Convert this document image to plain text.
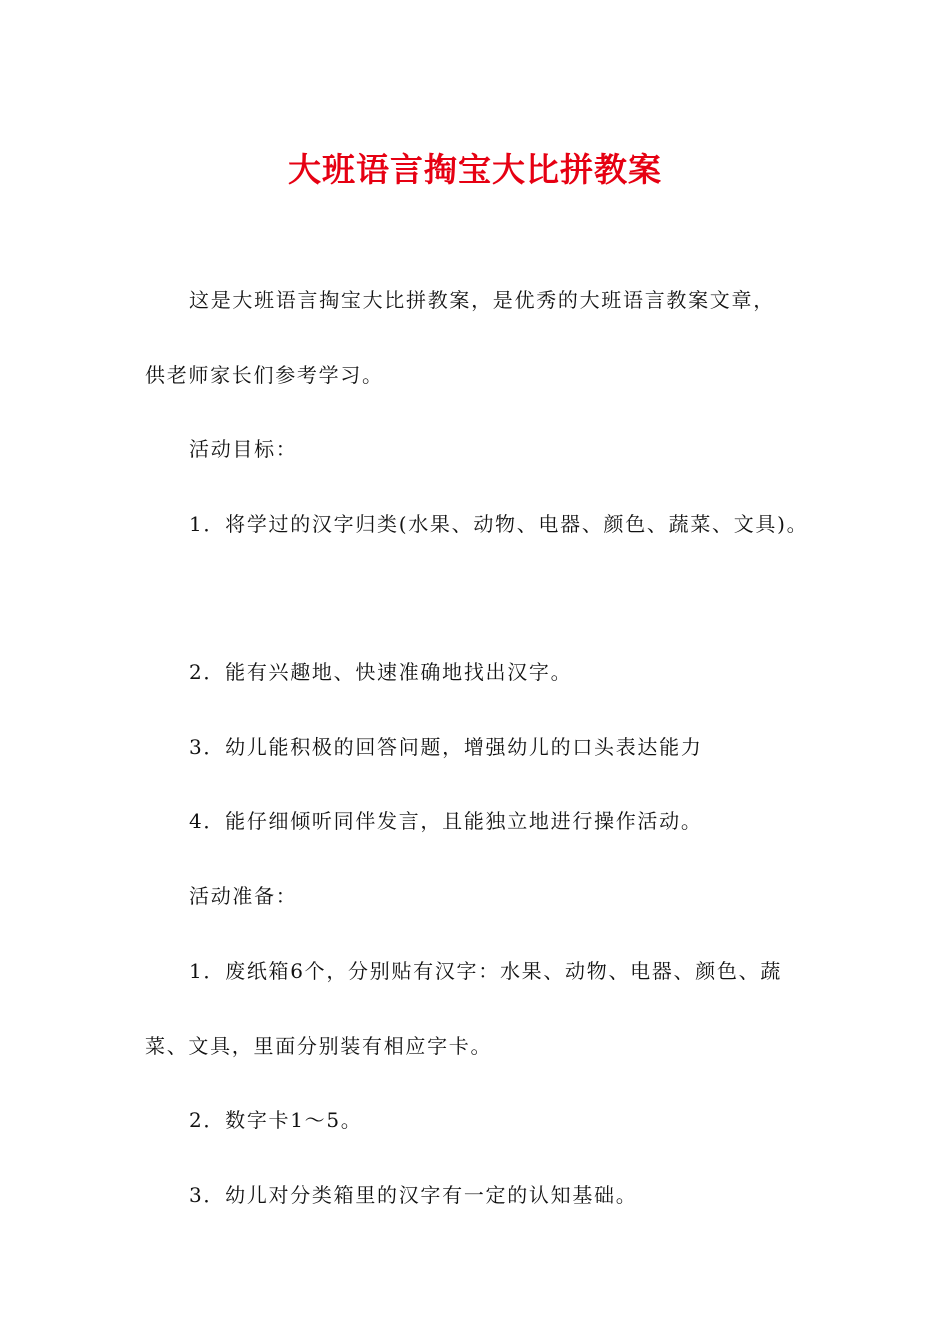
大班语言掏宝大比拼教案
这是大班语言掏宝大比拼教案，是优秀的大班语言教案文章，
供老师家长们参考学习。
活动目标：
1．将学过的汉字归类(水果、动物、电器、颜色、蔬菜、文具)。
2．能有兴趣地、快速准确地找出汉字。
3．幼儿能积极的回答问题，增强幼儿的口头表达能力
4．能仔细倾听同伴发言，且能独立地进行操作活动。
活动准备：
1．废纸箱6个，分别贴有汉字：水果、动物、电器、颜色、蔬
菜、文具，里面分别装有相应字卡。
2．数字卡1～5。
3．幼儿对分类箱里的汉字有一定的认知基础。
